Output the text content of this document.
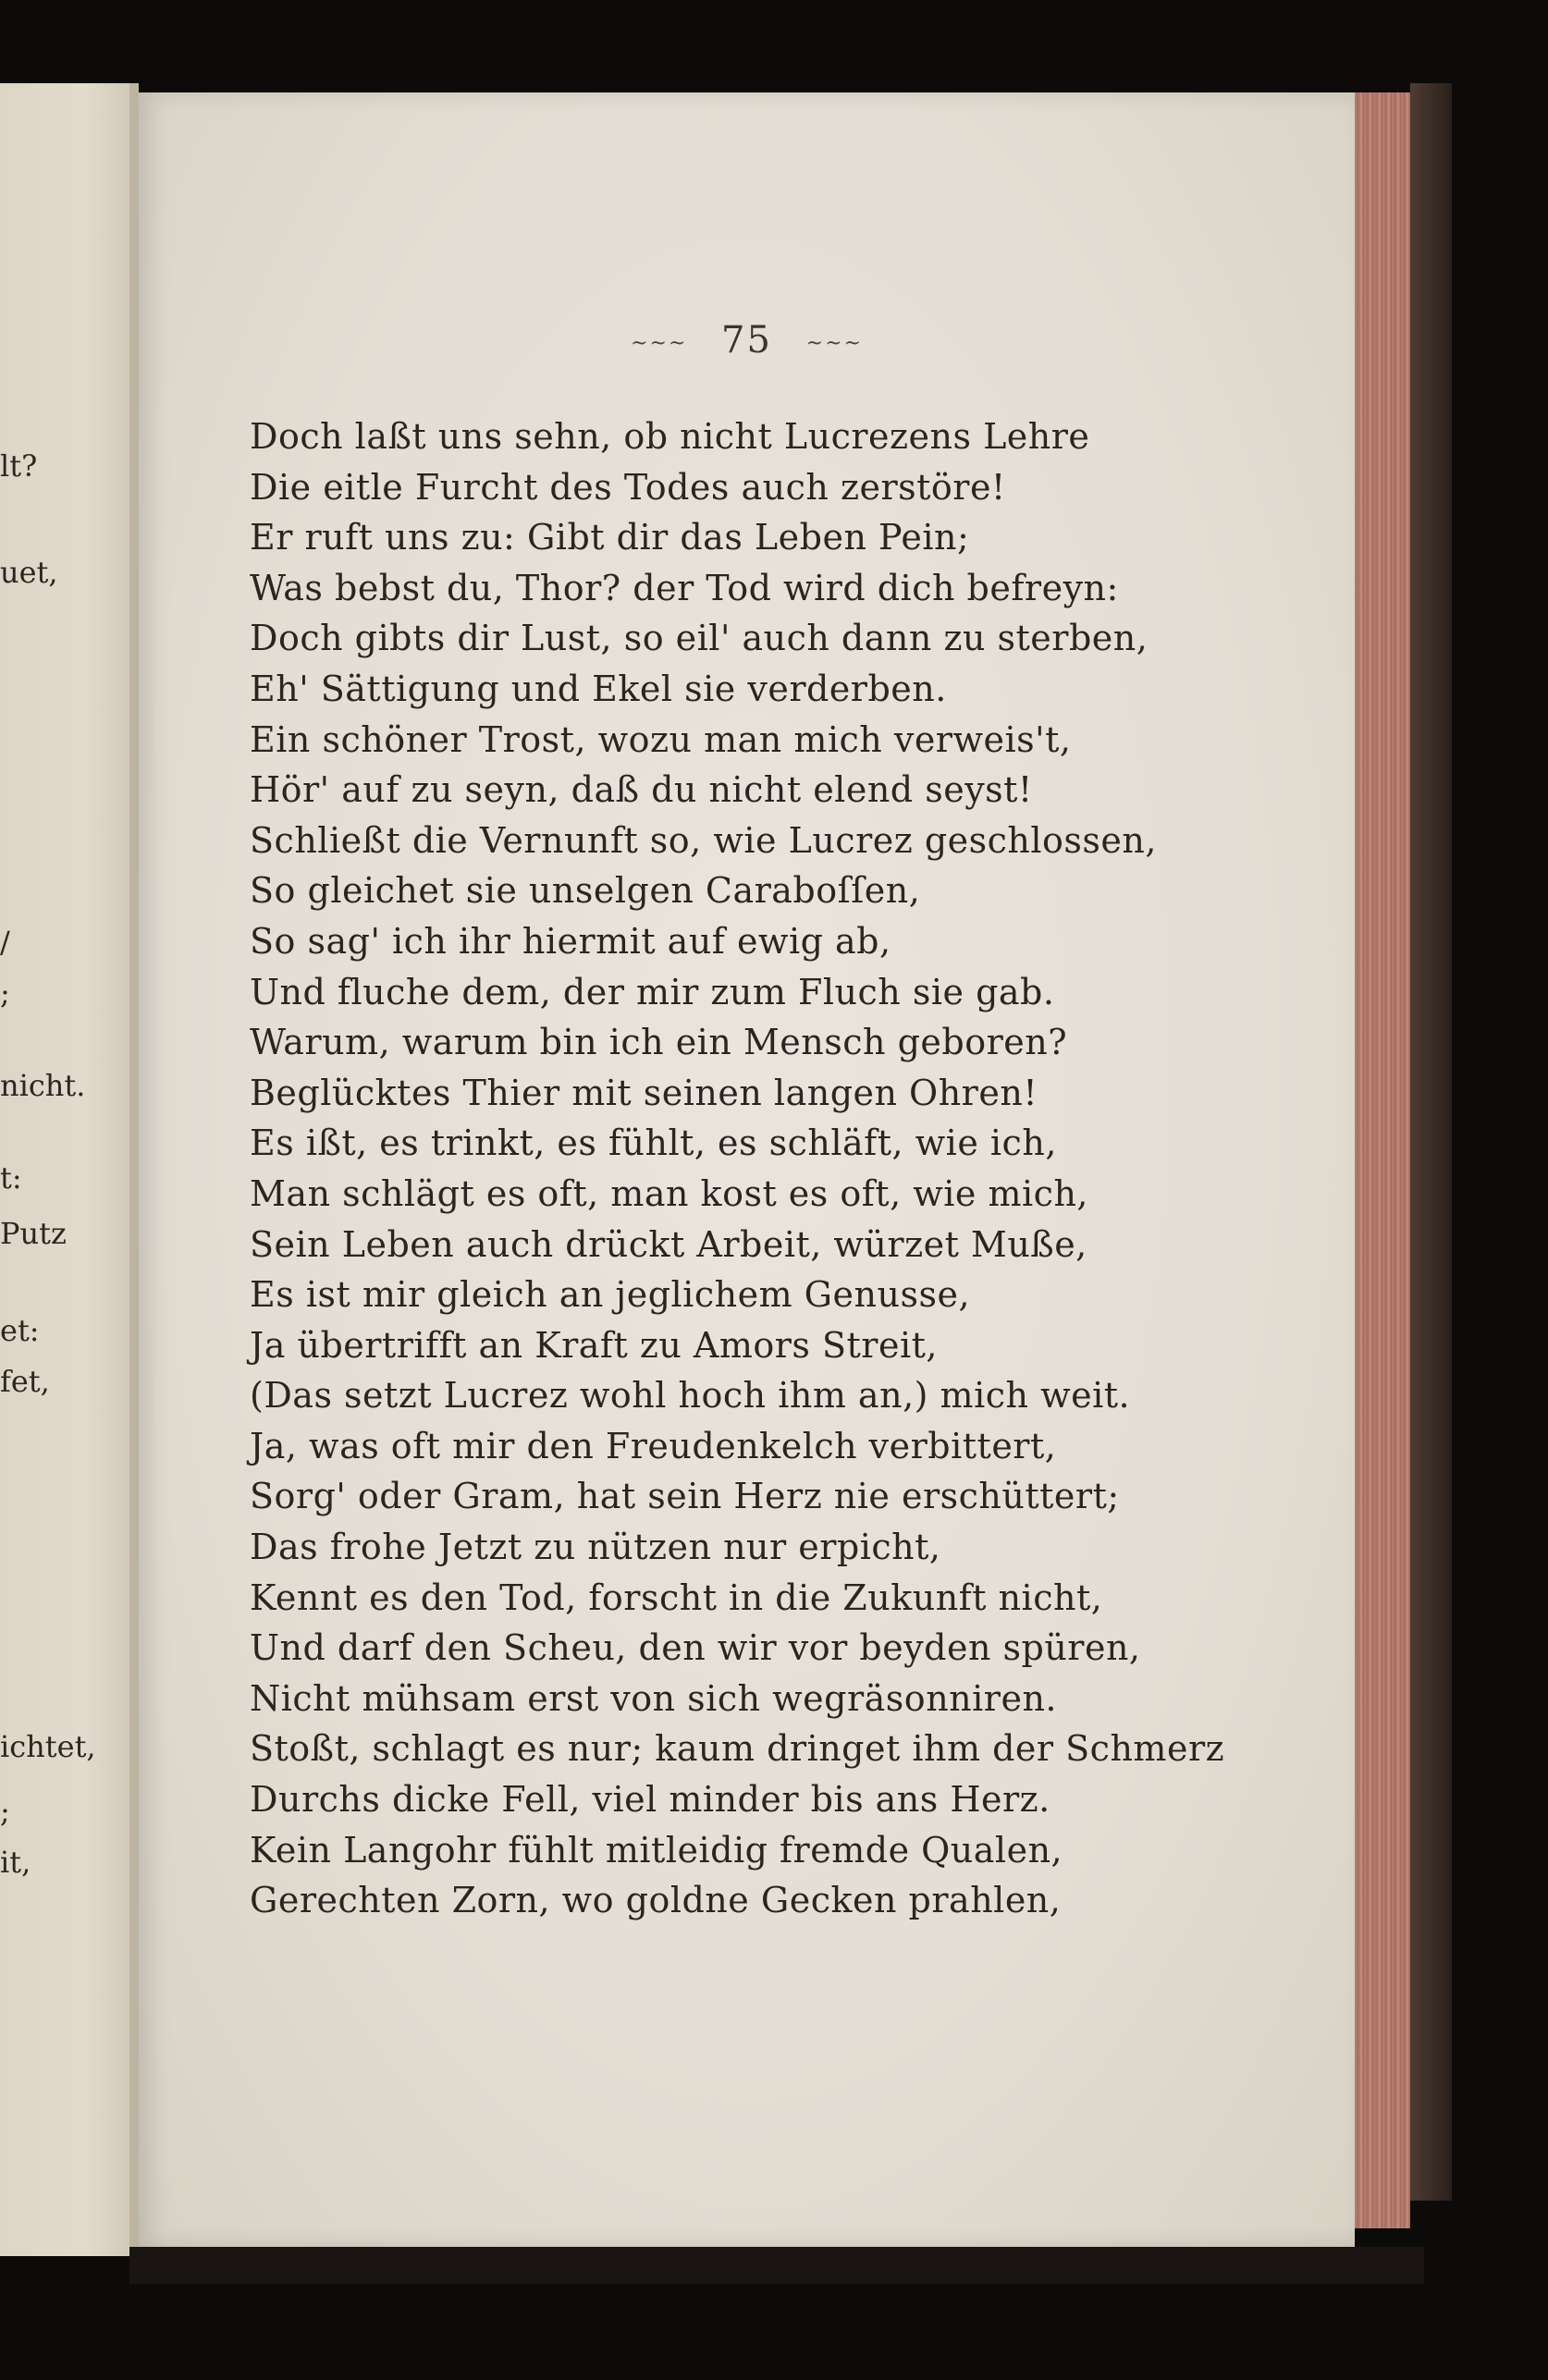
lt?
uet,
/
;
nicht.
t:
Putz
et:
fet,
ichtet,
;
it,
~~~ 75 ~~~
Doch laßt uns sehn, ob nicht Lucrezens Lehre
Die eitle Furcht des Todes auch zerstöre!
Er ruft uns zu: Gibt dir das Leben Pein;
Was bebst du, Thor? der Tod wird dich befreyn:
Doch gibts dir Lust, so eil' auch dann zu sterben,
Eh' Sättigung und Ekel sie verderben.
Ein schöner Trost, wozu man mich verweis't,
Hör' auf zu seyn, daß du nicht elend seyst!
Schließt die Vernunft so, wie Lucrez geschlossen,
So gleichet sie unselgen Caraboſſen,
So sag' ich ihr hiermit auf ewig ab,
Und fluche dem, der mir zum Fluch sie gab.
Warum, warum bin ich ein Mensch geboren?
Beglücktes Thier mit seinen langen Ohren!
Es ißt, es trinkt, es fühlt, es schläft, wie ich,
Man schlägt es oft, man kost es oft, wie mich,
Sein Leben auch drückt Arbeit, würzet Muße,
Es ist mir gleich an jeglichem Genusse,
Ja übertrifft an Kraft zu Amors Streit,
(Das setzt Lucrez wohl hoch ihm an,) mich weit.
Ja, was oft mir den Freudenkelch verbittert,
Sorg' oder Gram, hat sein Herz nie erschüttert;
Das frohe Jetzt zu nützen nur erpicht,
Kennt es den Tod, forscht in die Zukunft nicht,
Und darf den Scheu, den wir vor beyden spüren,
Nicht mühsam erst von sich wegräsonniren.
Stoßt, schlagt es nur; kaum dringet ihm der Schmerz
Durchs dicke Fell, viel minder bis ans Herz.
Kein Langohr fühlt mitleidig fremde Qualen,
Gerechten Zorn, wo goldne Gecken prahlen,
